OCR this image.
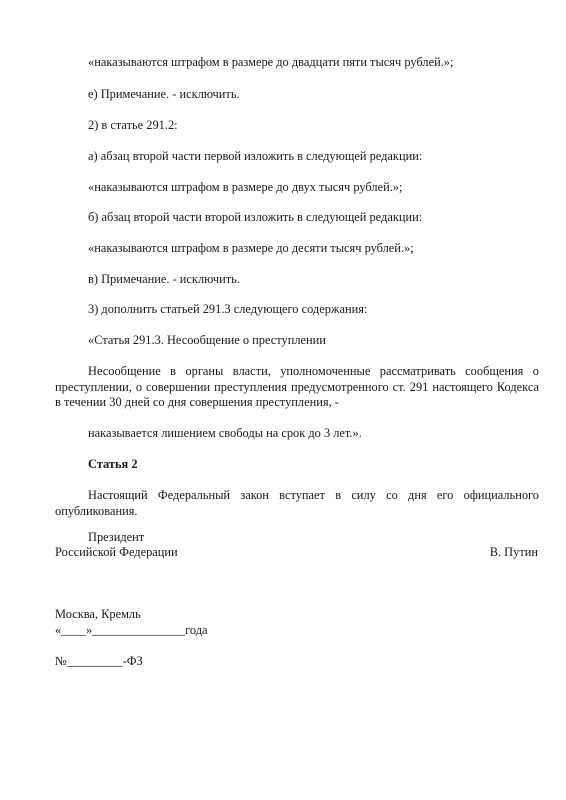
«наказываются штрафом в размере до двадцати пяти тысяч рублей.»;

е) Примечание. - исключить.

2) в статье 291.2:

а) абзац второй части первой изложить в следующей редакции:

«наказываются штрафом в размере до двух тысяч рублей.»;

б) абзац второй части второй изложить в следующей редакции:

«наказываются штрафом в размере до десяти тысяч рублей.»;

в) Примечание. - исключить.

3) дополнить статьей 291.3 следующего содержания:

«Статья 291.3. Несообщение о преступлении

Несообщение в органы власти, уполномоченные рассматривать сообщения о преступлении, о совершении преступления предусмотренного ст. 291 настоящего Кодекса в течении 30 дней со дня совершения преступления, -

наказывается лишением свободы на срок до 3 лет.».

Статья 2

Настоящий Федеральный закон вступает в силу со дня его официального опубликования.

Президент

Российской Федерации	В. Путин

Москва, Кремль

«____»_______________года

№_________-ФЗ
